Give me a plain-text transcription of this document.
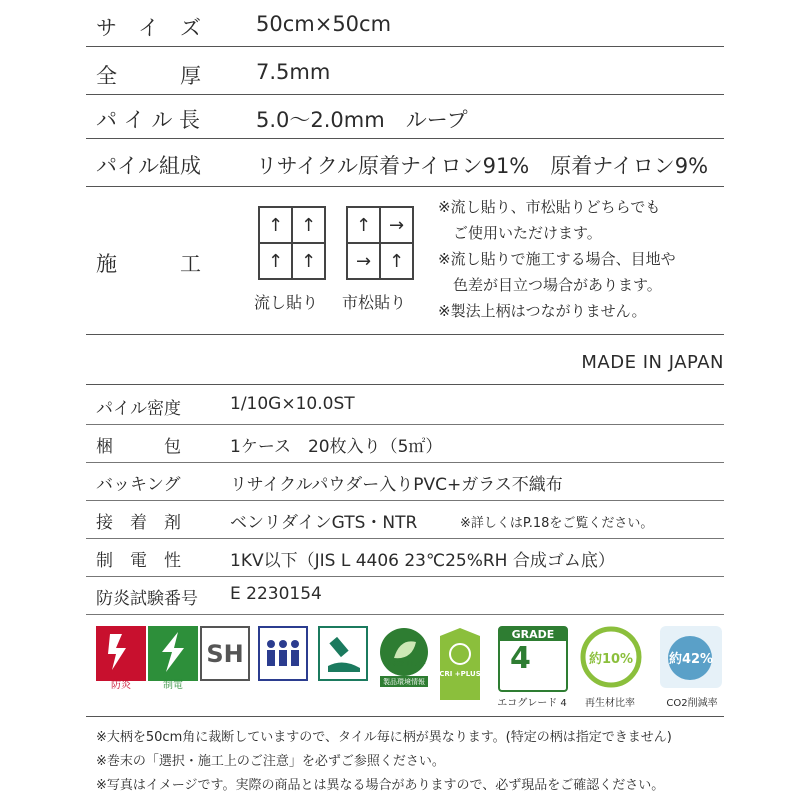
サ　イ　ズ	50cm×50cm
全　　　厚	7.5mm
パ イ ル 長	5.0〜2.0mm　ループ
パイル組成	リサイクル原着ナイロン91%　原着ナイロン9%
施　　　工
↑ ↑
↑ ↑
流し貼り
↑ →
→ ↑
市松貼り
※流し貼り、市松貼りどちらでも
　ご使用いただけます。
※流し貼りで施工する場合、目地や
　色差が目立つ場合があります。
※製法上柄はつながりません。
MADE IN JAPAN
パイル密度	1/10G×10.0ST
梱　　　包	1ケース　20枚入り（5㎡）
バッキング	リサイクルパウダー入りPVC+ガラス不織布
接　着　剤	ベンリダインGTS・NTR	※詳しくはP.18をご覧ください。
制　電　性	1KV以下（JIS L 4406 23℃25%RH 合成ゴム底）
防炎試験番号 E 2230154
防炎	制電
SH	ECO LEAF
製品環境情報
CRI +PLUS
GRADE
4
エコグレード 4
約10%
再生材比率
約42%
CO2削減率
※大柄を50cm角に裁断していますので、タイル毎に柄が異なります。(特定の柄は指定できません)
※巻末の「選択・施工上のご注意」を必ずご参照ください。
※写真はイメージです。実際の商品とは異なる場合がありますので、必ず現品をご確認ください。
